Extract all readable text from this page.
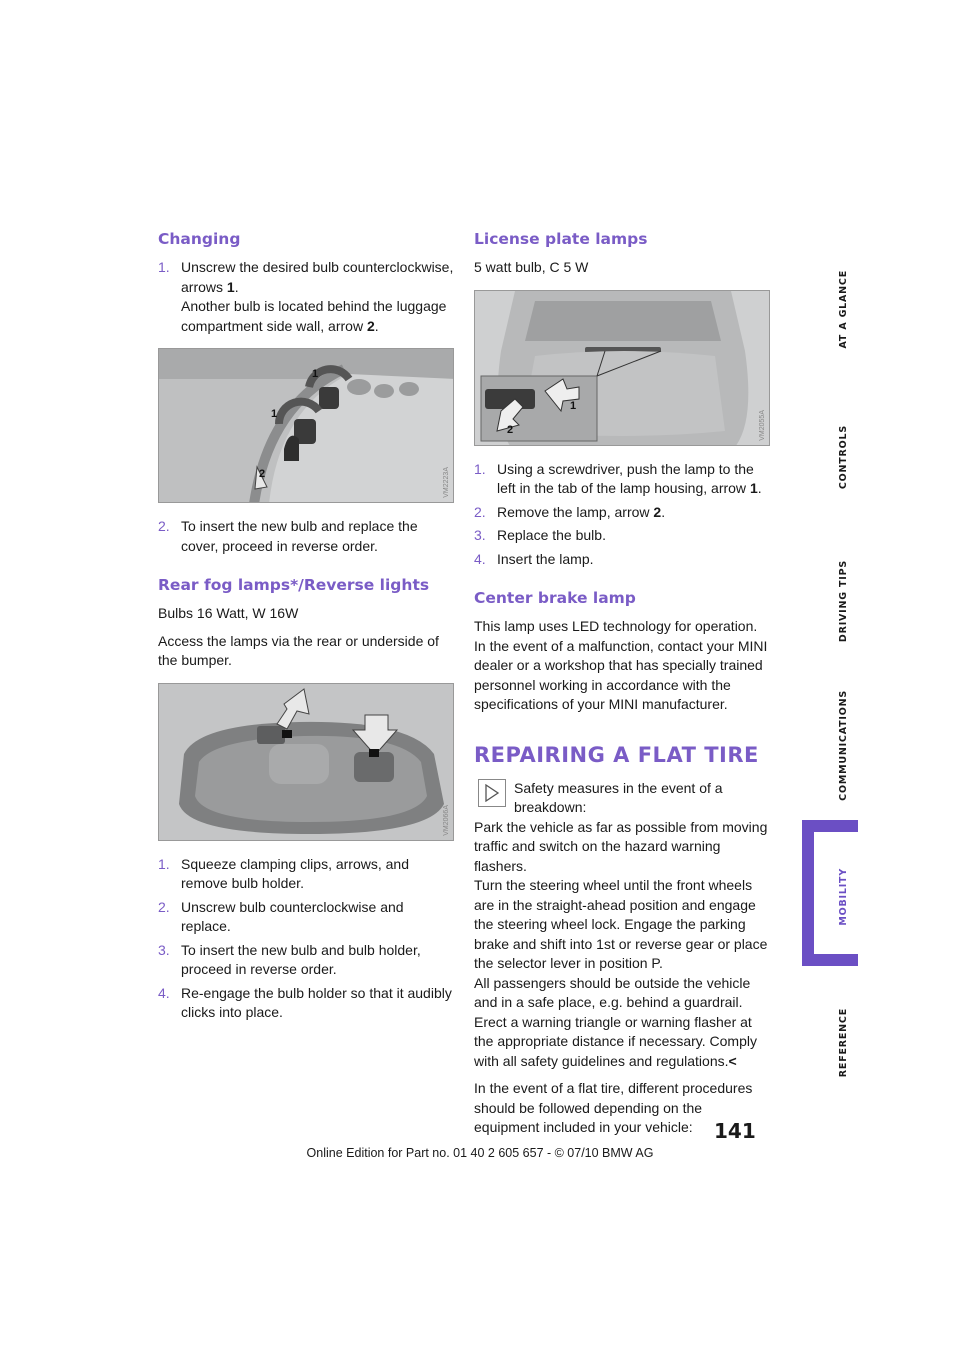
Changing
1. Unscrew the desired bulb counterclockwise, arrows 1.
Another bulb is located behind the luggage compartment side wall, arrow 2.
1
1
2	VM2223A
2. To insert the new bulb and replace the cover, proceed in reverse order.
Rear fog lamps*/Reverse lights

Bulbs 16 Watt, W 16W

Access the lamps via the rear or underside of the bumper.

VM2066A
1. Squeeze clamping clips, arrows, and remove bulb holder.
2. Unscrew bulb counterclockwise and replace.
3. To insert the new bulb and bulb holder, proceed in reverse order.
4. Re-engage the bulb holder so that it audibly clicks into place.
License plate lamps

5 watt bulb, C 5 W

1
2	VM2055A
1. Using a screwdriver, push the lamp to the left in the tab of the lamp housing, arrow 1.
2. Remove the lamp, arrow 2.
3. Replace the bulb.
4. Insert the lamp.
Center brake lamp

This lamp uses LED technology for operation. In the event of a malfunction, contact your MINI dealer or a workshop that has specially trained personnel working in accordance with the specifications of your MINI manufacturer.

REPAIRING A FLAT TIRE

Safety measures in the event of a breakdown:

Park the vehicle as far as possible from moving traffic and switch on the hazard warning flashers.
Turn the steering wheel until the front wheels are in the straight-ahead position and engage the steering wheel lock. Engage the parking brake and shift into 1st or reverse gear or place the selector lever in position P.
All passengers should be outside the vehicle and in a safe place, e.g. behind a guardrail.
Erect a warning triangle or warning flasher at the appropriate distance if necessary. Comply with all safety guidelines and regulations.<

In the event of a flat tire, different procedures should be followed depending on the equipment included in your vehicle:

AT A GLANCE
CONTROLS
DRIVING TIPS
COMMUNICATIONS
MOBILITY
REFERENCE
141
Online Edition for Part no. 01 40 2 605 657 - © 07/10 BMW AG
